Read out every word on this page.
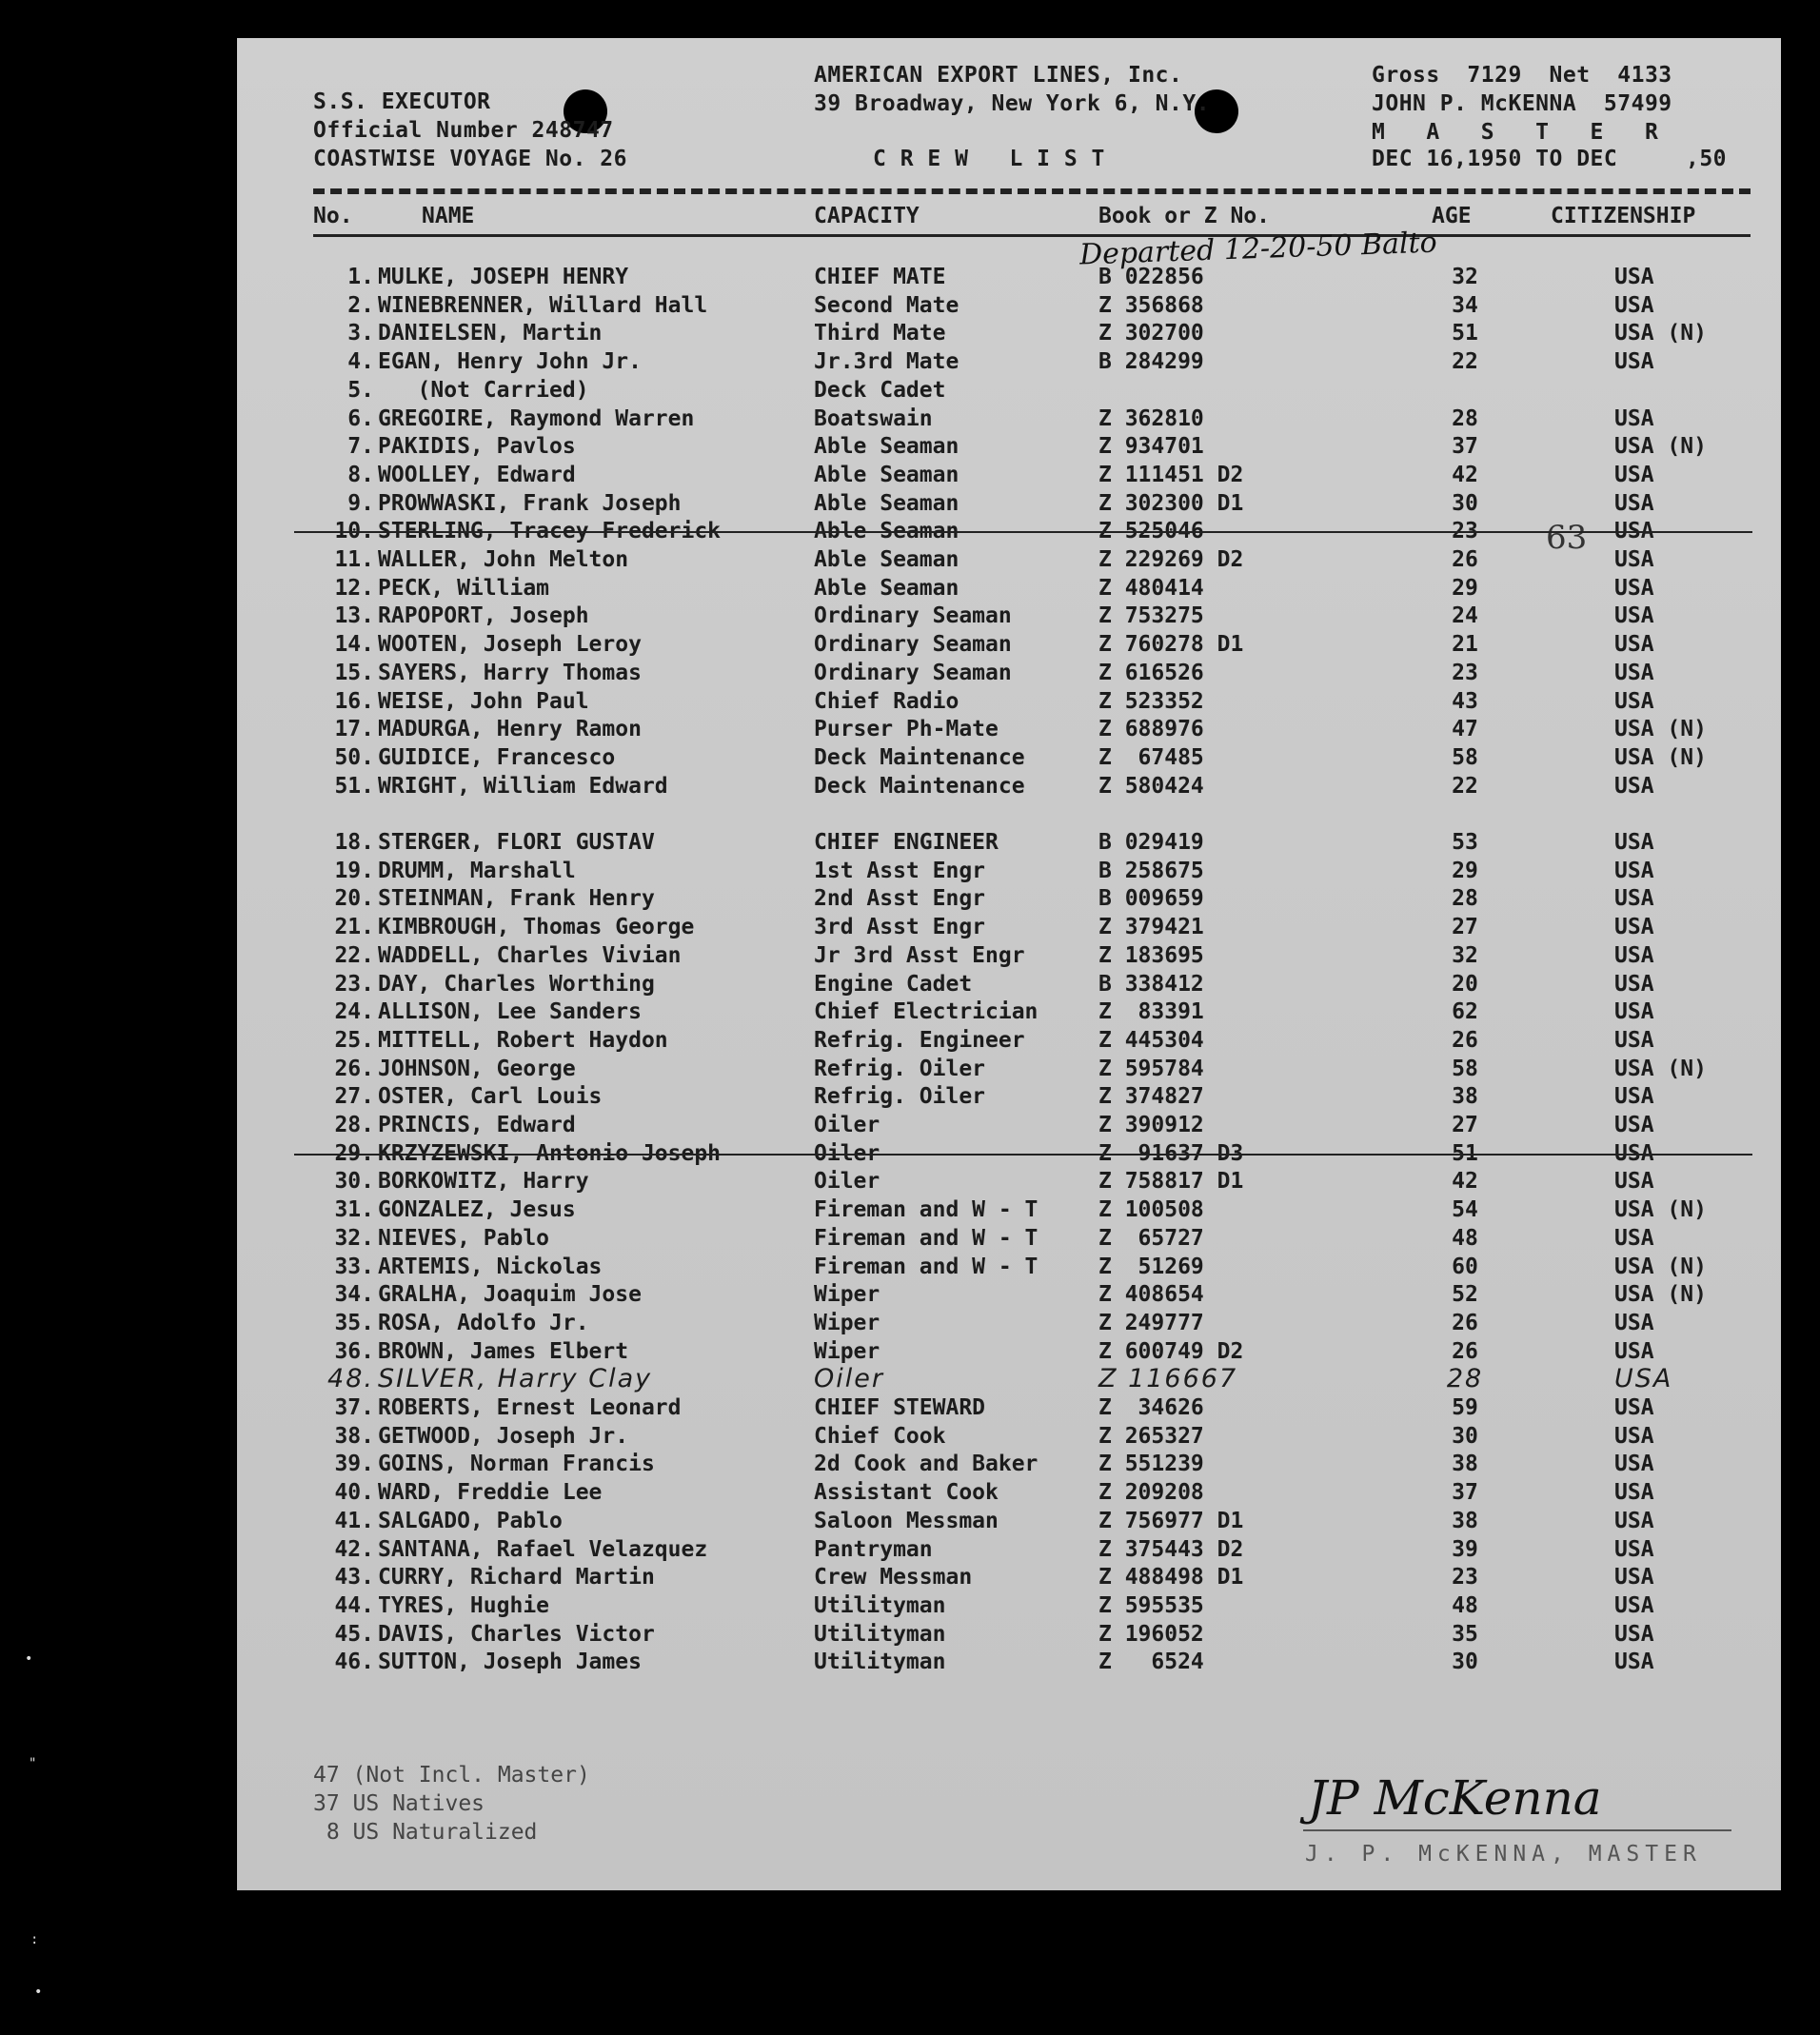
S.S. EXECUTOR
Official Number 248747
COASTWISE VOYAGE No. 26
AMERICAN EXPORT LINES, Inc.
39 Broadway, New York 6, N.Y.
C R E W   L I S T
Gross  7129  Net  4133
JOHN P. McKENNA  57499
M   A   S   T   E   R
DEC 16,1950 TO DEC     ,50
No.	NAME	CAPACITY	Book or Z No.	AGE	CITIZENSHIP
Departed 12-20-50 Balto
63
1. MULKE, JOSEPH HENRY	CHIEF MATE	B 022856	32	USA
2. WINEBRENNER, Willard Hall	Second Mate	Z 356868	34	USA
3. DANIELSEN, Martin	Third Mate	Z 302700	51	USA (N)
4. EGAN, Henry John Jr.	Jr.3rd Mate	B 284299	22	USA
5. (Not Carried)	Deck Cadet
6. GREGOIRE, Raymond Warren	Boatswain	Z 362810	28	USA
7. PAKIDIS, Pavlos	Able Seaman	Z 934701	37	USA (N)
8. WOOLLEY, Edward	Able Seaman	Z 111451 D2	42	USA
9. PROWWASKI, Frank Joseph	Able Seaman	Z 302300 D1	30	USA
10. STERLING, Tracey Frederick	Able Seaman	Z 525046	23	USA
11. WALLER, John Melton	Able Seaman	Z 229269 D2	26	USA
12. PECK, William	Able Seaman	Z 480414	29	USA
13. RAPOPORT, Joseph	Ordinary Seaman	Z 753275	24	USA
14. WOOTEN, Joseph Leroy	Ordinary Seaman	Z 760278 D1	21	USA
15. SAYERS, Harry Thomas	Ordinary Seaman	Z 616526	23	USA
16. WEISE, John Paul	Chief Radio	Z 523352	43	USA
17. MADURGA, Henry Ramon	Purser Ph-Mate	Z 688976	47	USA (N)
50. GUIDICE, Francesco	Deck Maintenance	Z  67485	58	USA (N)
51. WRIGHT, William Edward	Deck Maintenance	Z 580424	22	USA
18. STERGER, FLORI GUSTAV	CHIEF ENGINEER	B 029419	53	USA
19. DRUMM, Marshall	1st Asst Engr	B 258675	29	USA
20. STEINMAN, Frank Henry	2nd Asst Engr	B 009659	28	USA
21. KIMBROUGH, Thomas George	3rd Asst Engr	Z 379421	27	USA
22. WADDELL, Charles Vivian	Jr 3rd Asst Engr	Z 183695	32	USA
23. DAY, Charles Worthing	Engine Cadet	B 338412	20	USA
24. ALLISON, Lee Sanders	Chief Electrician	Z  83391	62	USA
25. MITTELL, Robert Haydon	Refrig. Engineer	Z 445304	26	USA
26. JOHNSON, George	Refrig. Oiler	Z 595784	58	USA (N)
27. OSTER, Carl Louis	Refrig. Oiler	Z 374827	38	USA
28. PRINCIS, Edward	Oiler	Z 390912	27	USA
29. KRZYZEWSKI, Antonio Joseph	Oiler	Z  91637 D3	51	USA
30. BORKOWITZ, Harry	Oiler	Z 758817 D1	42	USA
31. GONZALEZ, Jesus	Fireman and W - T	Z 100508	54	USA (N)
32. NIEVES, Pablo	Fireman and W - T	Z  65727	48	USA
33. ARTEMIS, Nickolas	Fireman and W - T	Z  51269	60	USA (N)
34. GRALHA, Joaquim Jose	Wiper	Z 408654	52	USA (N)
35. ROSA, Adolfo Jr.	Wiper	Z 249777	26	USA
36. BROWN, James Elbert	Wiper	Z 600749 D2	26	USA
48. SILVER, Harry Clay	Oiler	Z 116667	28	USA
37. ROBERTS, Ernest Leonard	CHIEF STEWARD	Z  34626	59	USA
38. GETWOOD, Joseph Jr.	Chief Cook	Z 265327	30	USA
39. GOINS, Norman Francis	2d Cook and Baker	Z 551239	38	USA
40. WARD, Freddie Lee	Assistant Cook	Z 209208	37	USA
41. SALGADO, Pablo	Saloon Messman	Z 756977 D1	38	USA
42. SANTANA, Rafael Velazquez	Pantryman	Z 375443 D2	39	USA
43. CURRY, Richard Martin	Crew Messman	Z 488498 D1	23	USA
44. TYRES, Hughie	Utilityman	Z 595535	48	USA
45. DAVIS, Charles Victor	Utilityman	Z 196052	35	USA
46. SUTTON, Joseph James	Utilityman	Z   6524	30	USA
47 (Not Incl. Master)
37 US Natives
8 US Naturalized
JP McKenna
J. P. McKENNA, MASTER
•
"
:
•
